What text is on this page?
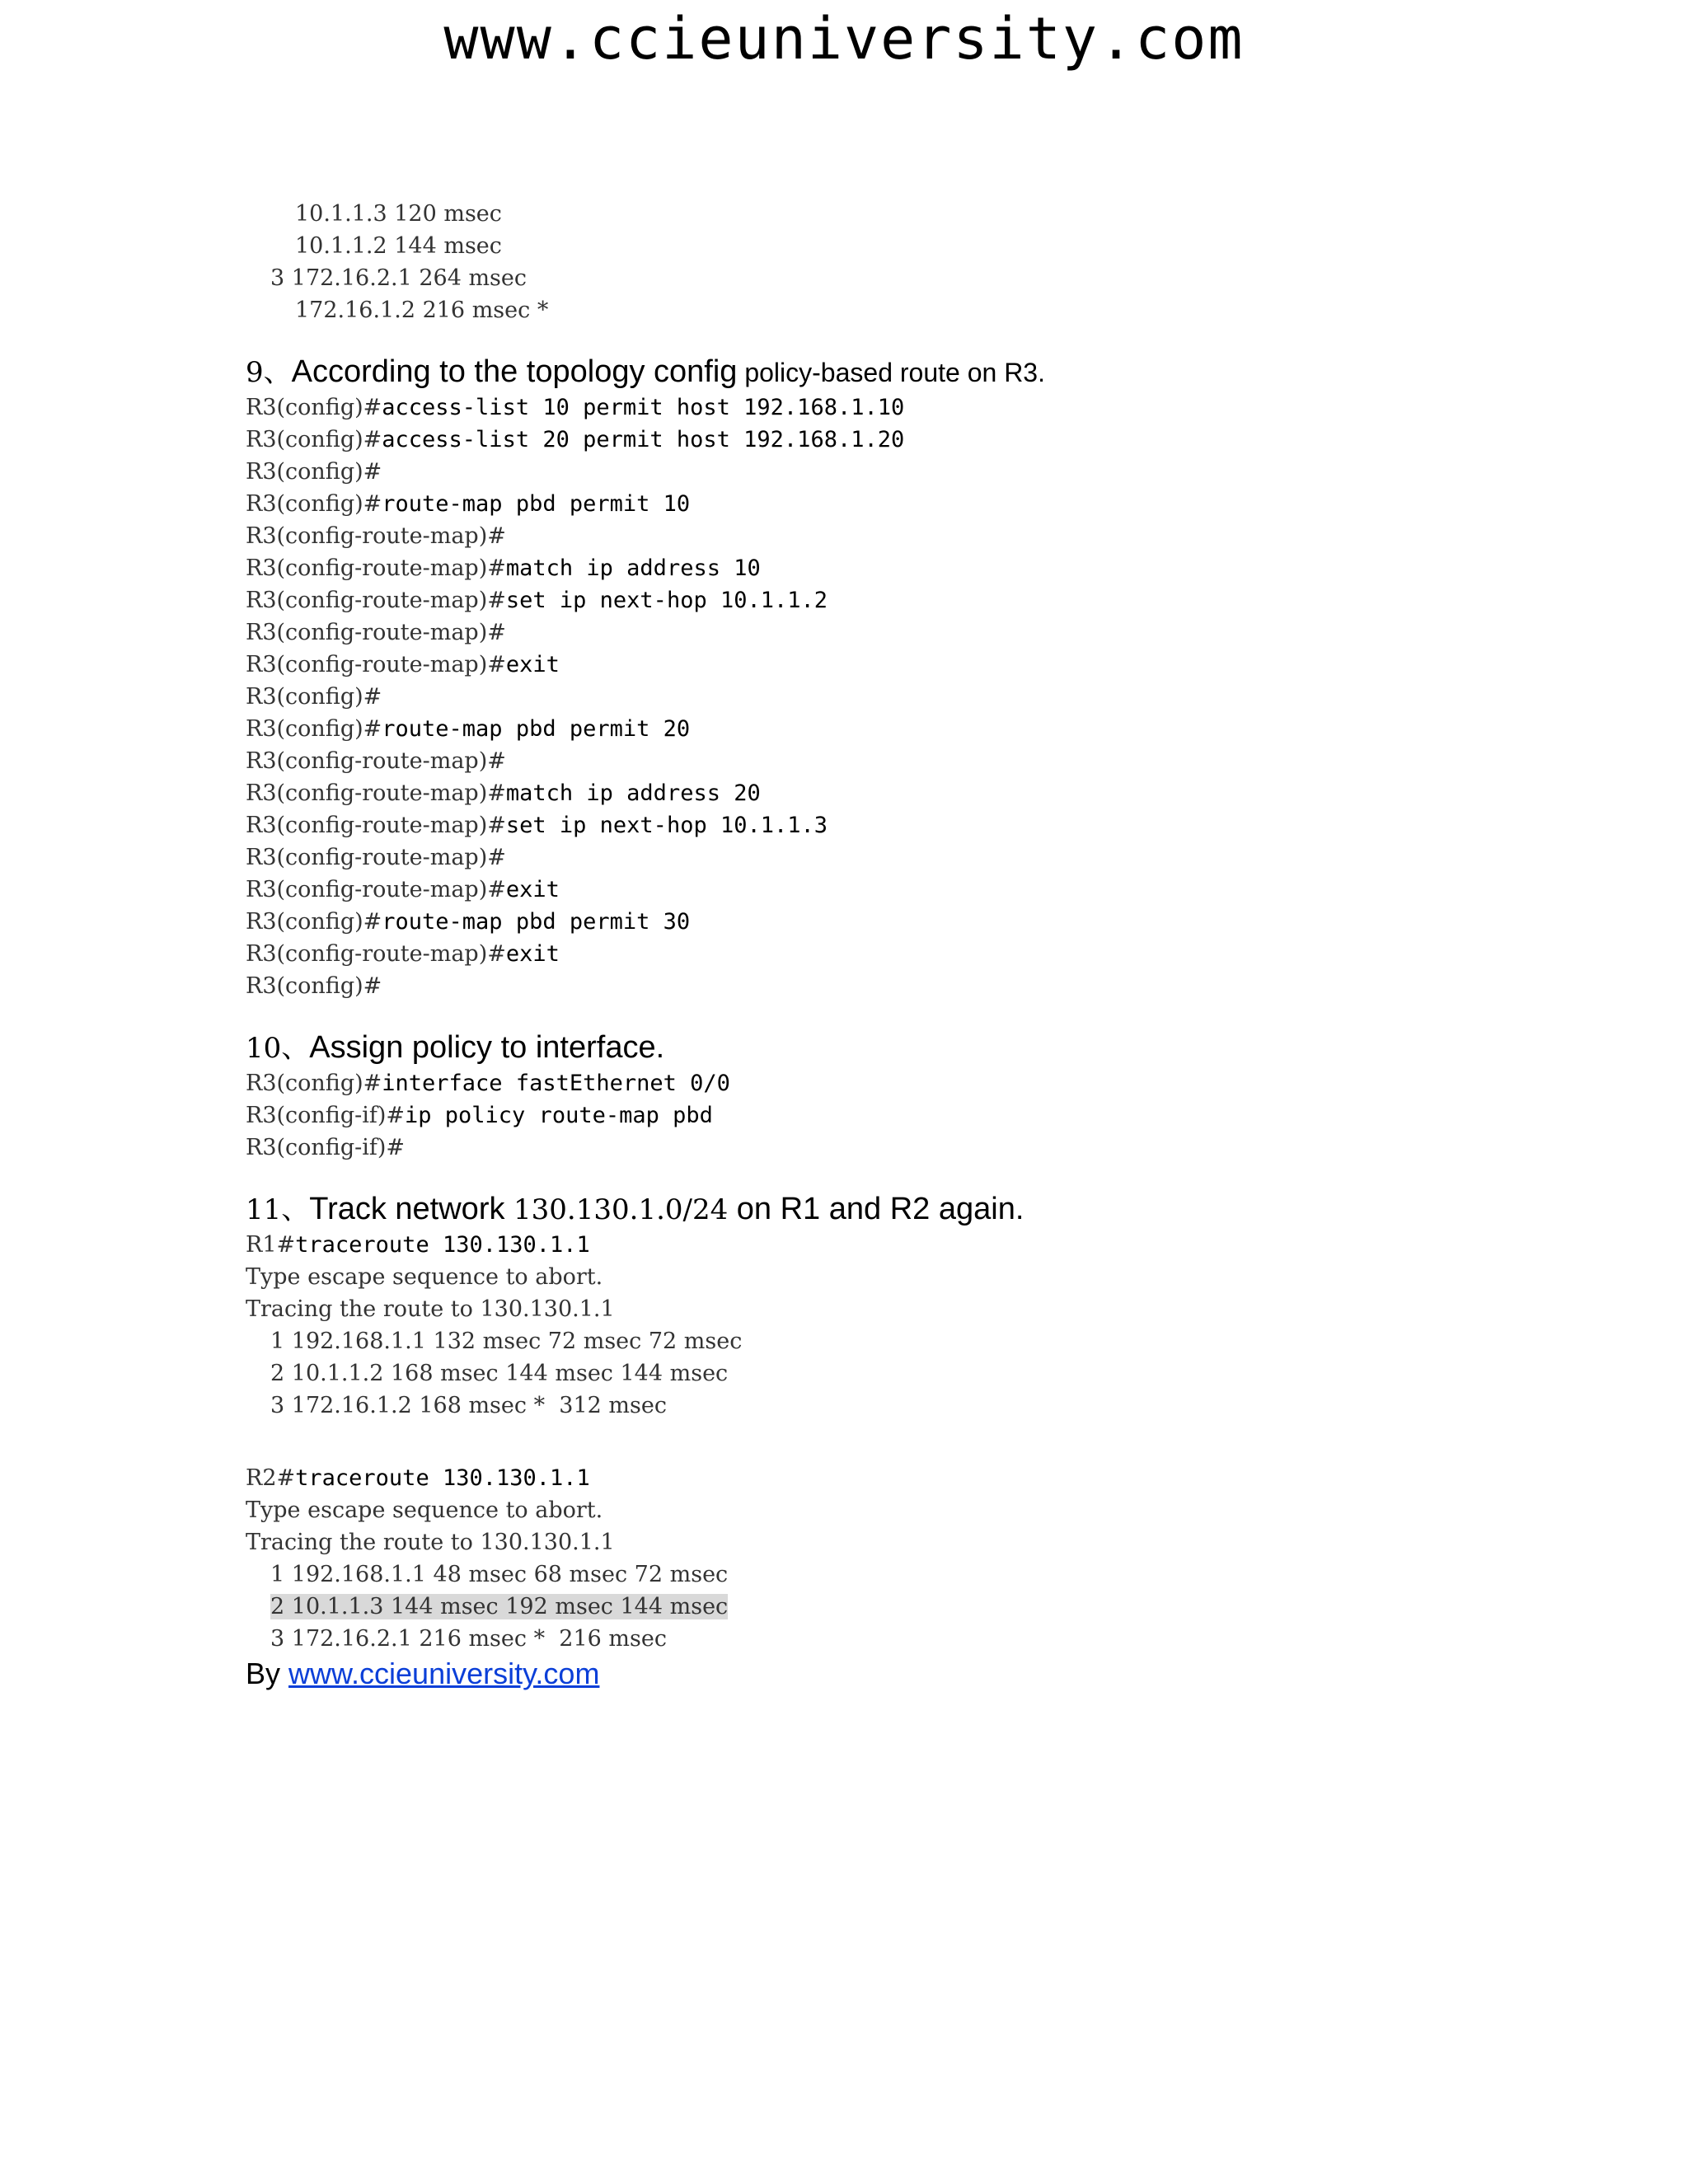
www.ccieuniversity.com
10.1.1.3 120 msec
10.1.1.2 144 msec
3 172.16.2.1 264 msec
172.16.1.2 216 msec *
9、According to the topology config policy-based route on R3.
R3(config)#access-list 10 permit host 192.168.1.10
R3(config)#access-list 20 permit host 192.168.1.20
R3(config)#
R3(config)#route-map pbd permit 10
R3(config-route-map)#
R3(config-route-map)#match ip address 10
R3(config-route-map)#set ip next-hop 10.1.1.2
R3(config-route-map)#
R3(config-route-map)#exit
R3(config)#
R3(config)#route-map pbd permit 20
R3(config-route-map)#
R3(config-route-map)#match ip address 20
R3(config-route-map)#set ip next-hop 10.1.1.3
R3(config-route-map)#
R3(config-route-map)#exit
R3(config)#route-map pbd permit 30
R3(config-route-map)#exit
R3(config)#
10、Assign policy to interface.
R3(config)#interface fastEthernet 0/0
R3(config-if)#ip policy route-map pbd
R3(config-if)#
11、Track network 130.130.1.0/24 on R1 and R2 again.
R1#traceroute 130.130.1.1
Type escape sequence to abort.
Tracing the route to 130.130.1.1
1 192.168.1.1 132 msec 72 msec 72 msec
2 10.1.1.2 168 msec 144 msec 144 msec
3 172.16.1.2 168 msec *  312 msec
R2#traceroute 130.130.1.1
Type escape sequence to abort.
Tracing the route to 130.130.1.1
1 192.168.1.1 48 msec 68 msec 72 msec
2 10.1.1.3 144 msec 192 msec 144 msec
3 172.16.2.1 216 msec *  216 msec
By www.ccieuniversity.com
